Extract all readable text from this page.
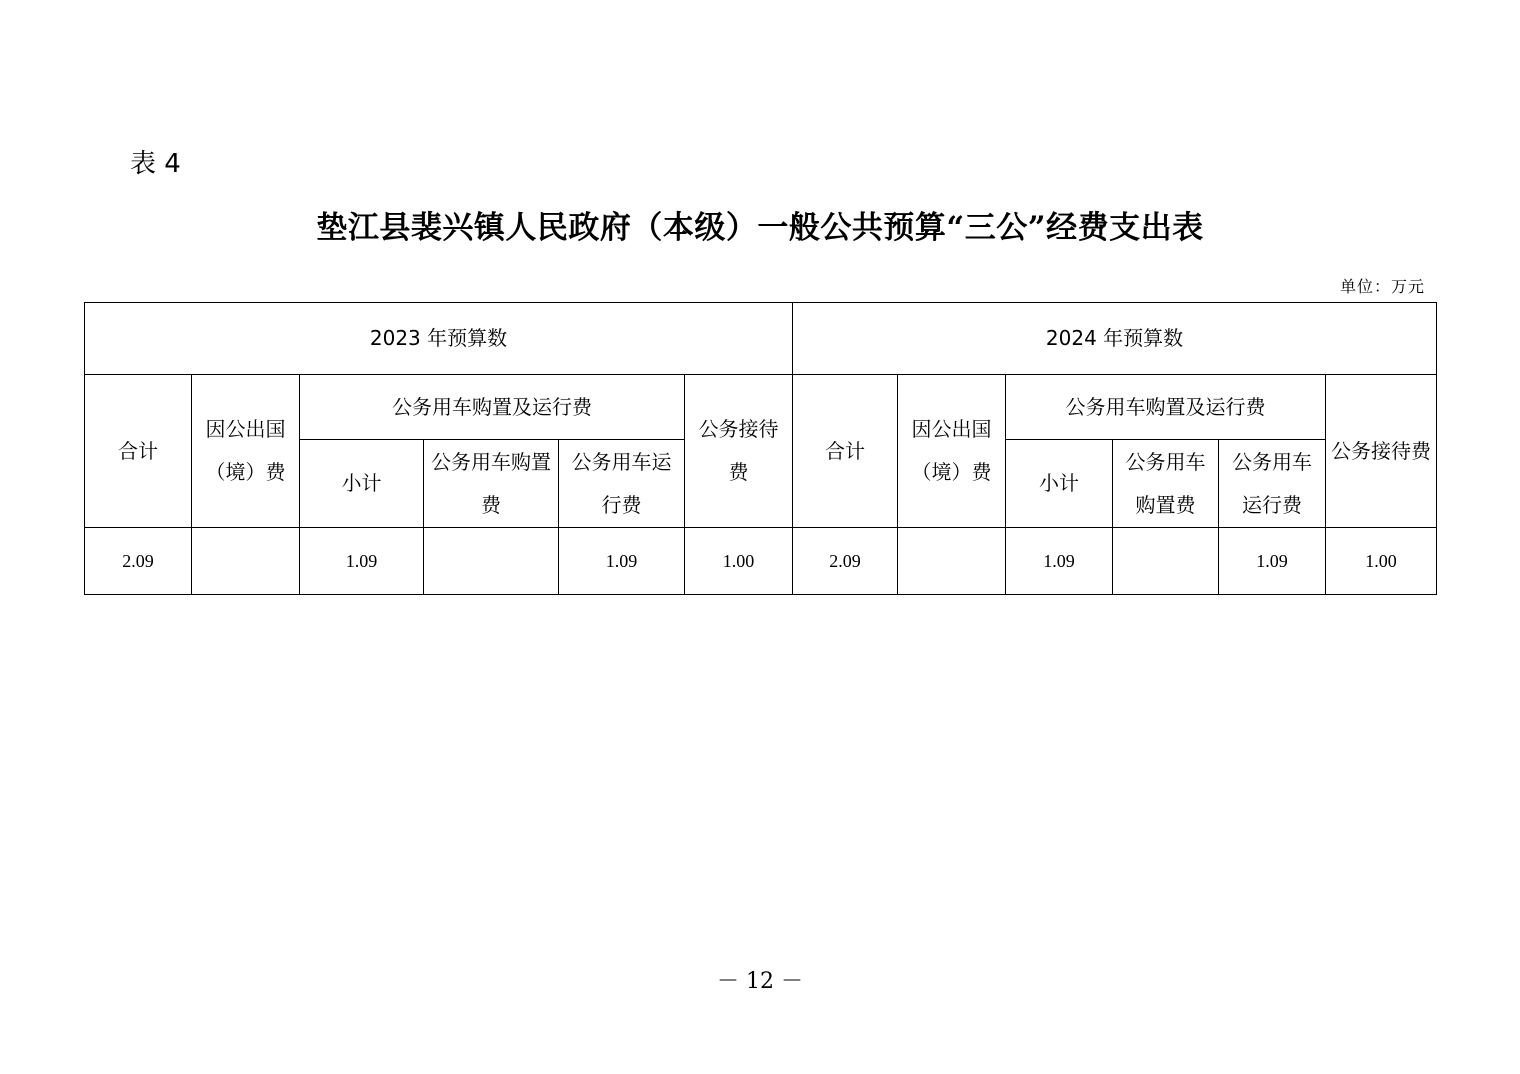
表 4
垫江县裴兴镇人民政府（本级）一般公共预算“三公”经费支出表
单位：万元
2023 年预算数						2024 年预算数					
合计	因公出国（境）费	公务用车购置及运行费			公务接待费	合计	因公出国（境）费	公务用车购置及运行费			公务接待费
		小计	公务用车购置费	公务用车运行费				小计	公务用车购置费	公务用车运行费	
2.09		1.09		1.09	1.00	2.09		1.09		1.09	1.00
－ 12 －
